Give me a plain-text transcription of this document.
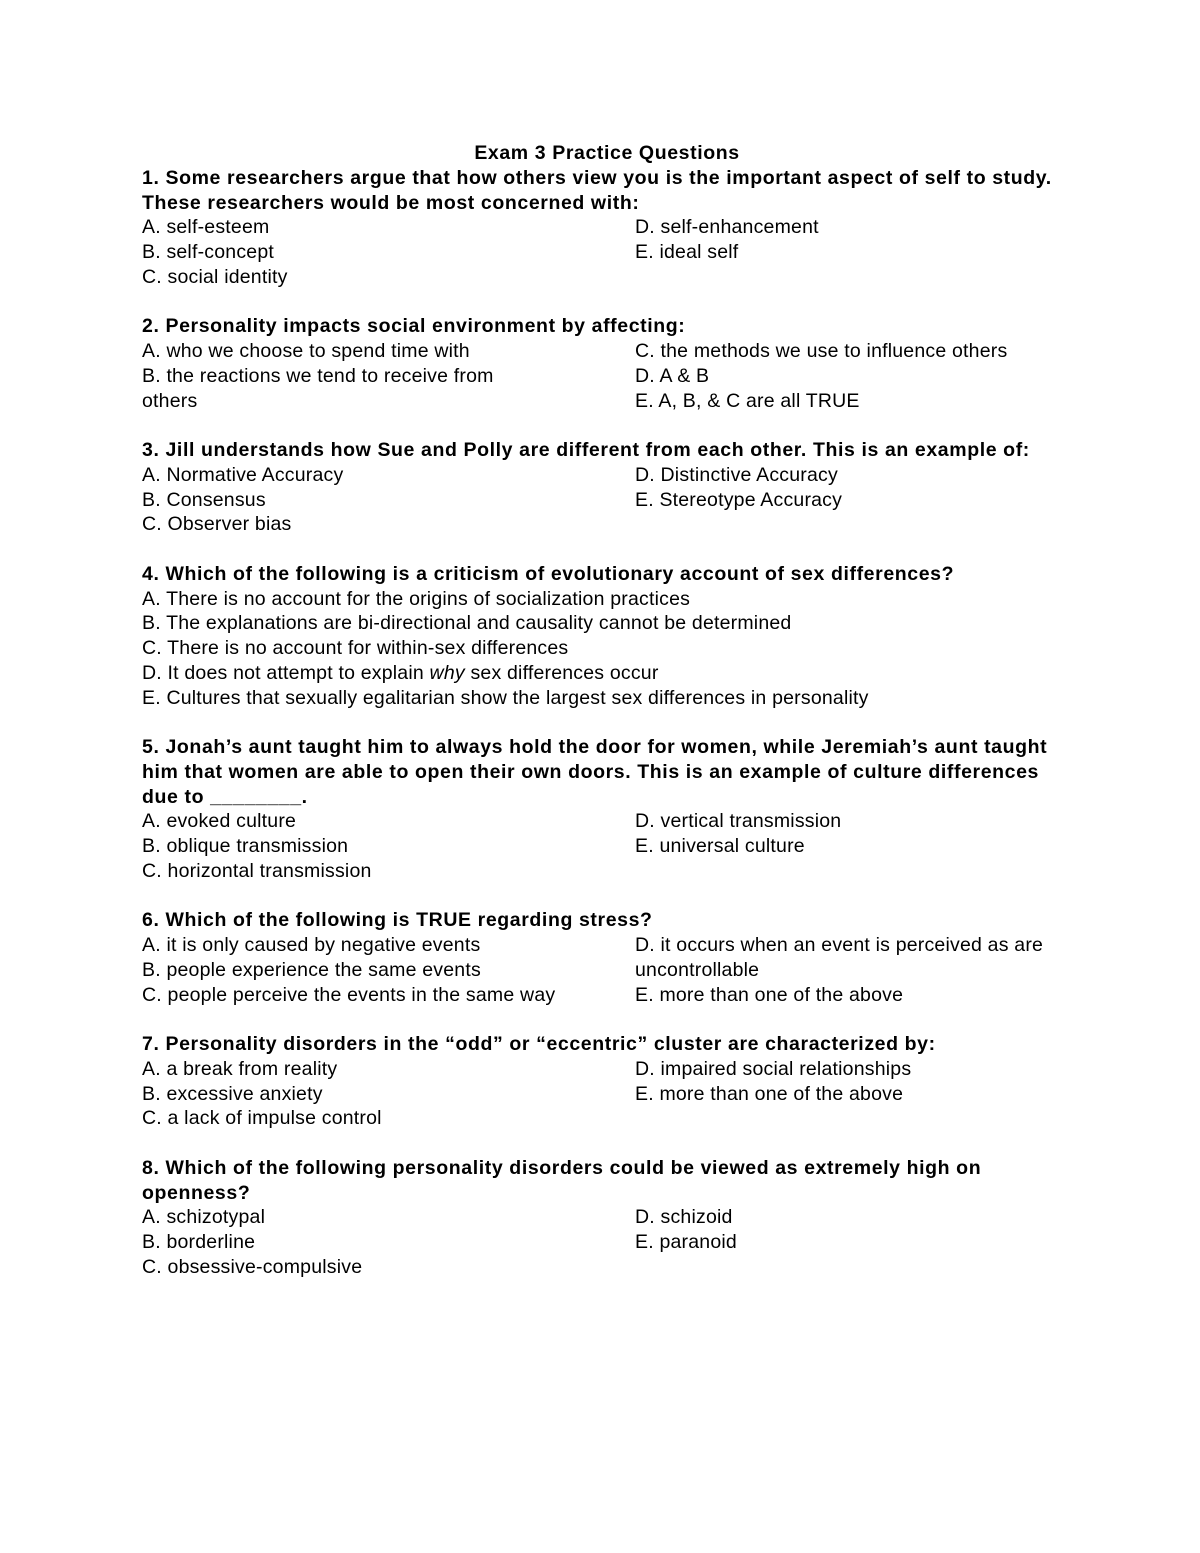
Exam 3 Practice Questions
1. Some researchers argue that how others view you is the important aspect of self to study. These researchers would be most concerned with:
A. self-esteem
B. self-concept
C. social identity
D. self-enhancement
E. ideal self
2. Personality impacts social environment by affecting:
A. who we choose to spend time with
B. the reactions we tend to receive from others
C. the methods we use to influence others
D. A & B
E. A, B, & C are all TRUE
3. Jill understands how Sue and Polly are different from each other. This is an example of:
A. Normative Accuracy
B. Consensus
C. Observer bias
D. Distinctive Accuracy
E. Stereotype Accuracy
4. Which of the following is a criticism of evolutionary account of sex differences?
A. There is no account for the origins of socialization practices
B. The explanations are bi-directional and causality cannot be determined
C. There is no account for within-sex differences
D. It does not attempt to explain why sex differences occur
E. Cultures that sexually egalitarian show the largest sex differences in personality
5. Jonah’s aunt taught him to always hold the door for women, while Jeremiah’s aunt taught him that women are able to open their own doors. This is an example of culture differences due to ________.
A. evoked culture
B. oblique transmission
C. horizontal transmission
D. vertical transmission
E. universal culture
6. Which of the following is TRUE regarding stress?
A. it is only caused by negative events
B. people experience the same events
C. people perceive the events in the same way
D. it occurs when an event is perceived as are uncontrollable
E. more than one of the above
7. Personality disorders in the “odd” or “eccentric” cluster are characterized by:
A. a break from reality
B. excessive anxiety
C. a lack of impulse control
D. impaired social relationships
E. more than one of the above
8. Which of the following personality disorders could be viewed as extremely high on openness?
A. schizotypal
B. borderline
C. obsessive-compulsive
D. schizoid
E. paranoid
